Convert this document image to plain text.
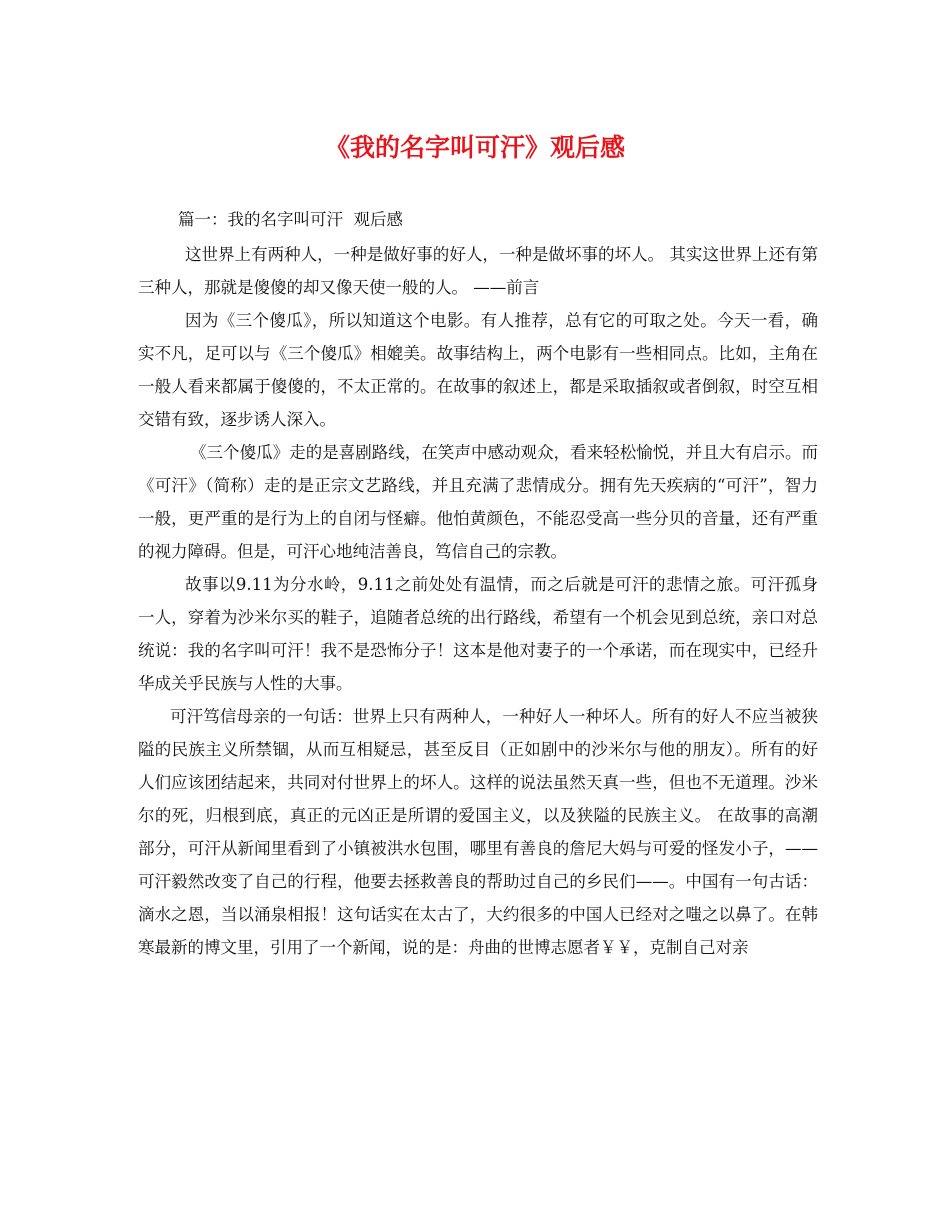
《我的名字叫可汗》观后感
篇一：我的名字叫可汗  观后感

这世界上有两种人，一种是做好事的好人，一种是做坏事的坏人。 其实这世界上还有第三种人，那就是傻傻的却又像天使一般的人。 ——前言

因为《三个傻瓜》，所以知道这个电影。有人推荐，总有它的可取之处。今天一看，确实不凡，足可以与《三个傻瓜》相媲美。故事结构上，两个电影有一些相同点。比如，主角在一般人看来都属于傻傻的，不太正常的。在故事的叙述上，都是采取插叙或者倒叙，时空互相交错有致，逐步诱人深入。

《三个傻瓜》走的是喜剧路线，在笑声中感动观众，看来轻松愉悦，并且大有启示。而《可汗》（简称）走的是正宗文艺路线，并且充满了悲情成分。拥有先天疾病的“可汗”，智力一般，更严重的是行为上的自闭与怪癖。他怕黄颜色，不能忍受高一些分贝的音量，还有严重的视力障碍。但是，可汗心地纯洁善良，笃信自己的宗教。

故事以9.11为分水岭，9.11之前处处有温情，而之后就是可汗的悲情之旅。可汗孤身一人，穿着为沙米尔买的鞋子，追随者总统的出行路线，希望有一个机会见到总统，亲口对总统说：我的名字叫可汗！我不是恐怖分子！这本是他对妻子的一个承诺，而在现实中，已经升华成关乎民族与人性的大事。

可汗笃信母亲的一句话：世界上只有两种人，一种好人一种坏人。所有的好人不应当被狭隘的民族主义所禁锢，从而互相疑忌，甚至反目（正如剧中的沙米尔与他的朋友）。所有的好人们应该团结起来，共同对付世界上的坏人。这样的说法虽然天真一些，但也不无道理。沙米尔的死，归根到底，真正的元凶正是所谓的爱国主义，以及狭隘的民族主义。 在故事的高潮部分，可汗从新闻里看到了小镇被洪水包围，哪里有善良的詹尼大妈与可爱的怪发小子，——可汗毅然改变了自己的行程，他要去拯救善良的帮助过自己的乡民们——。中国有一句古话：滴水之恩，当以涌泉相报！这句话实在太古了，大约很多的中国人已经对之嗤之以鼻了。在韩寒最新的博文里，引用了一个新闻，说的是：舟曲的世博志愿者￥￥，克制自己对亲
